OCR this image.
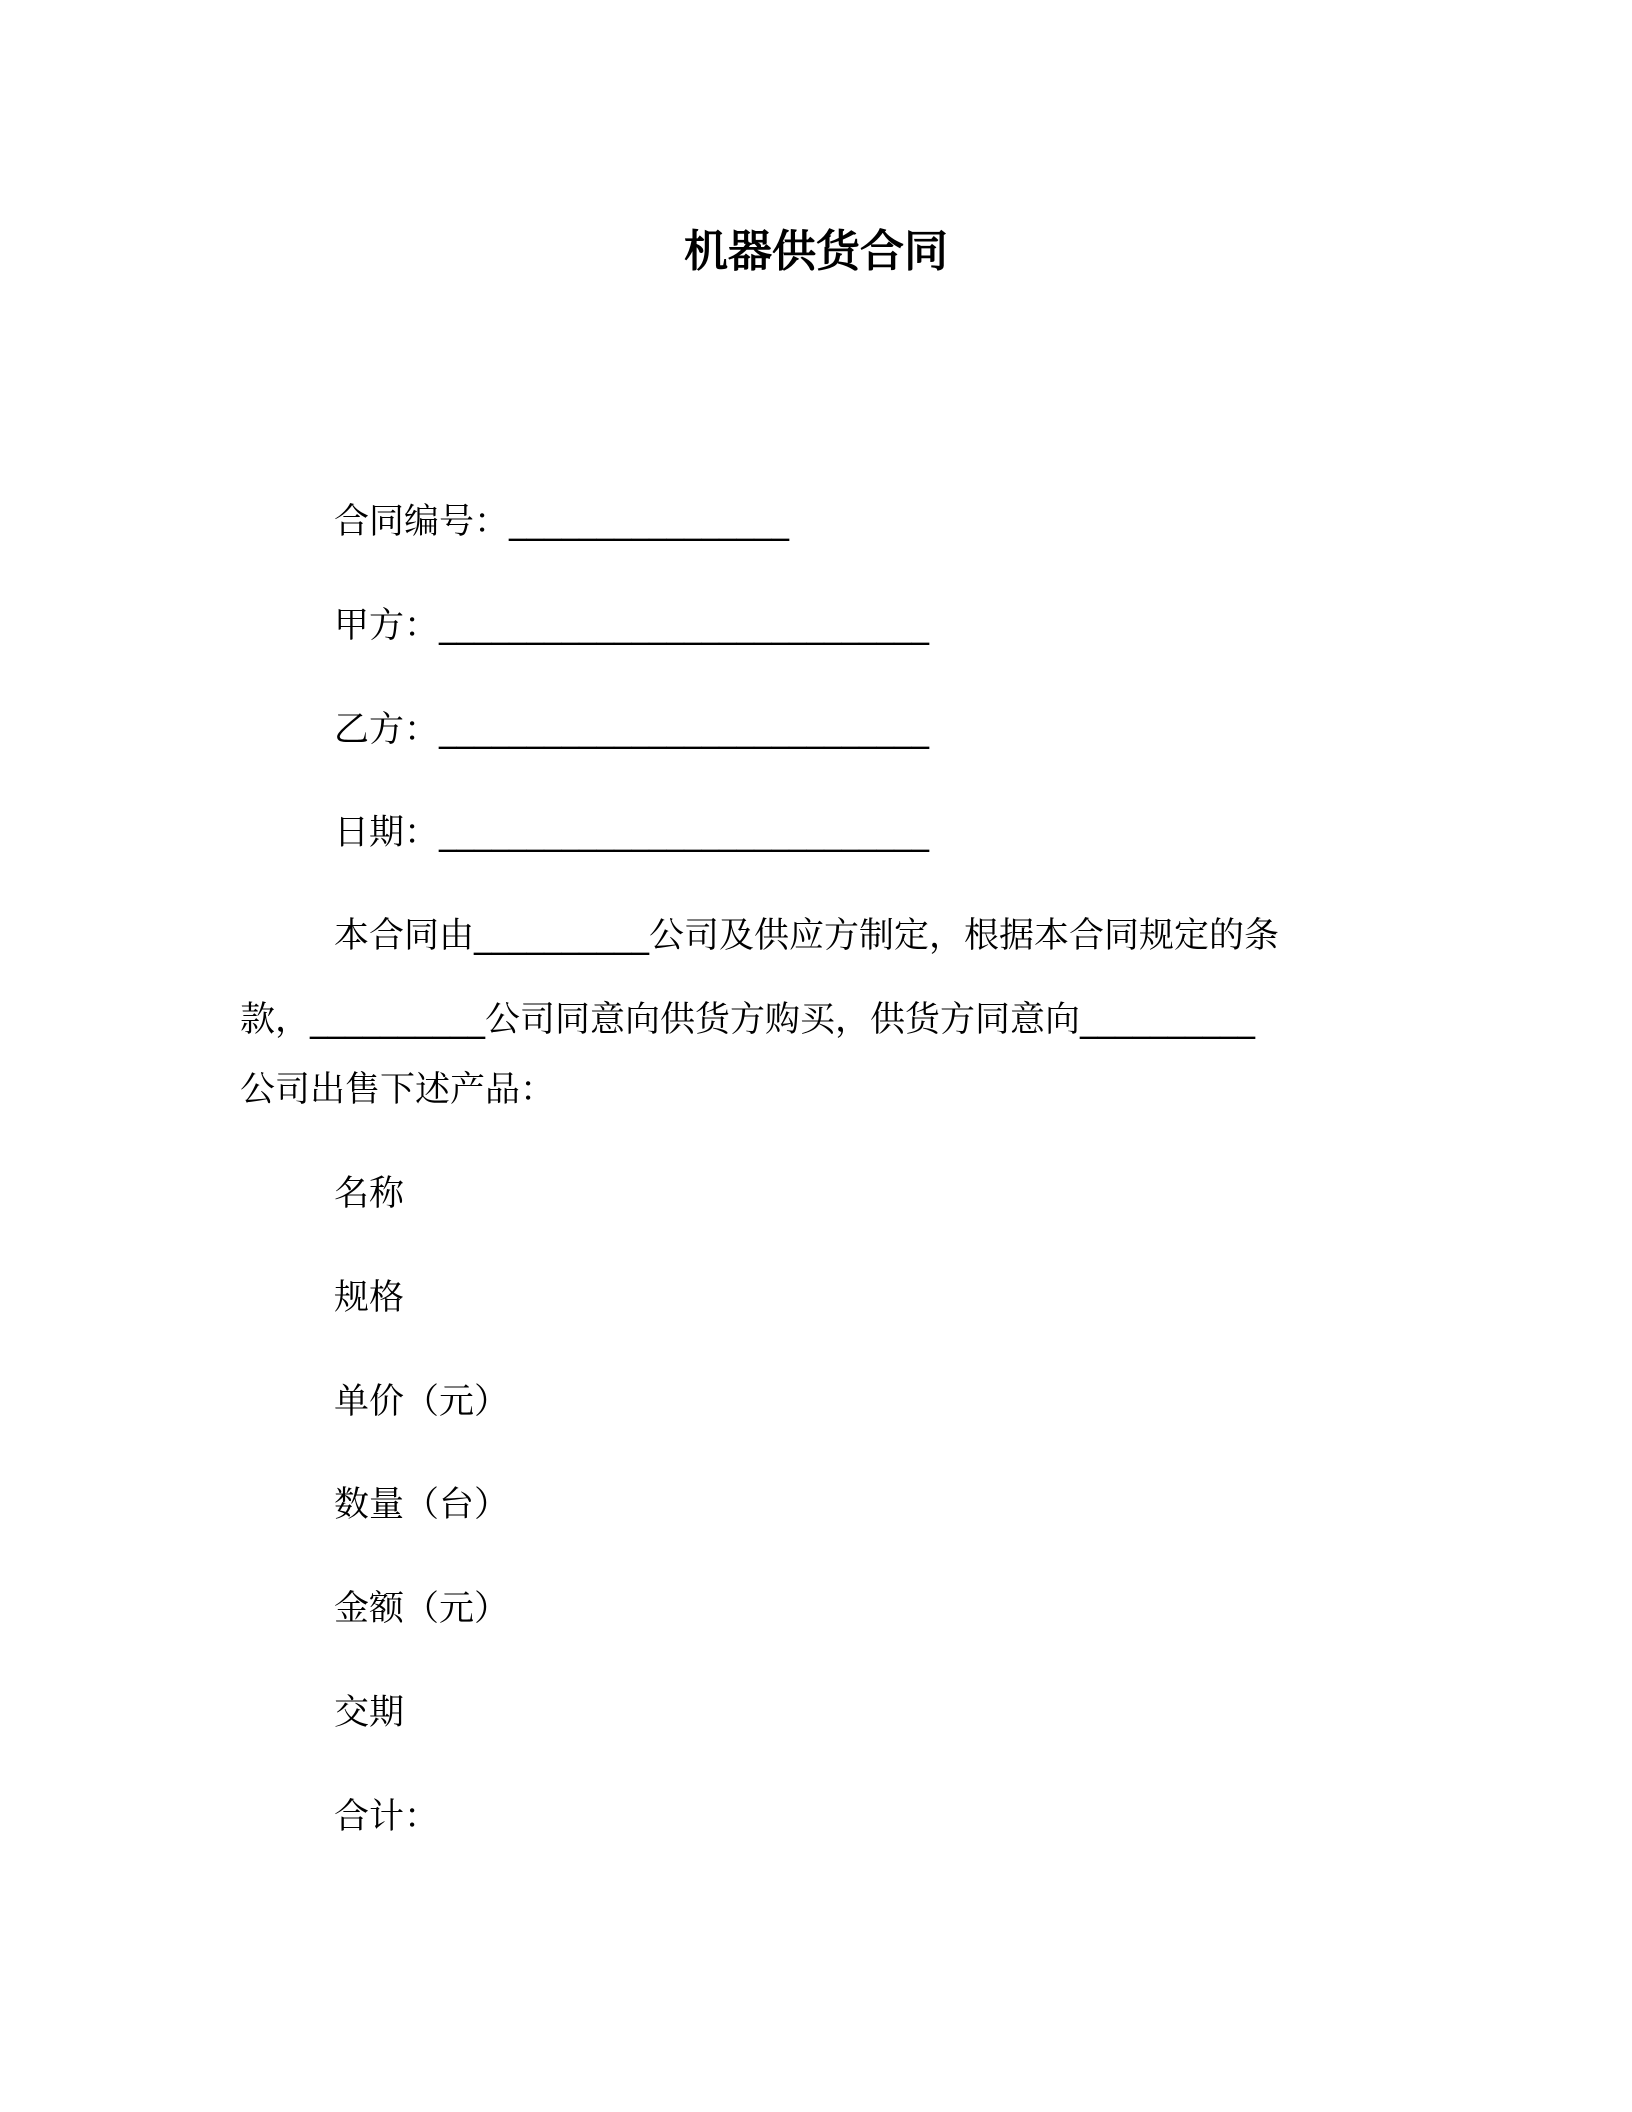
机器供货合同

合同编号：________________

甲方：____________________________

乙方：____________________________

日期：____________________________

本合同由__________公司及供应方制定，根据本合同规定的条

款，__________公司同意向供货方购买，供货方同意向__________

公司出售下述产品：

名称

规格

单价（元）

数量（台）

金额（元）

交期

合计：
